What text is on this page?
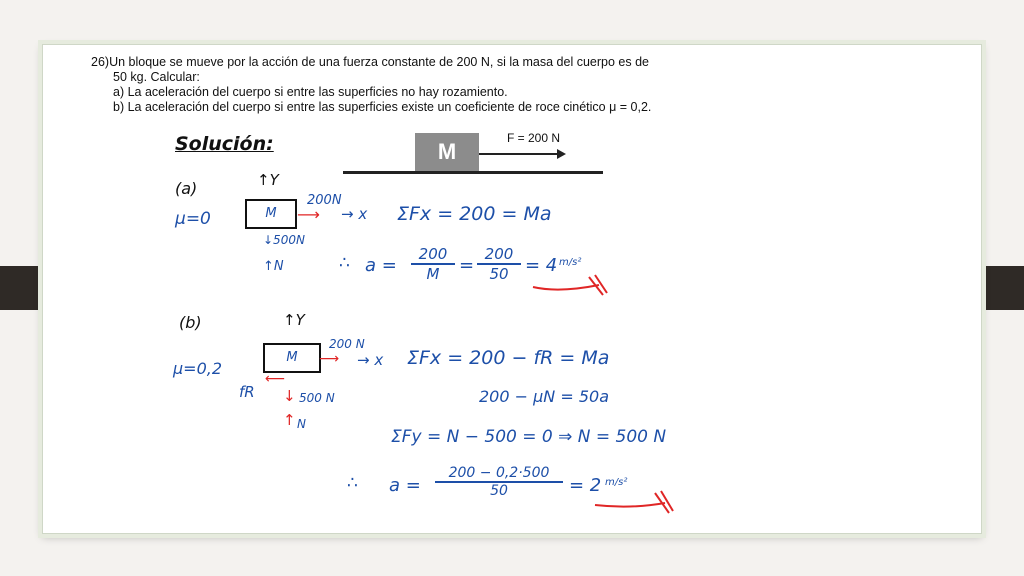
26)Un bloque se mueve por la acción de una fuerza constante de 200 N, si la masa del cuerpo es de
50 kg. Calcular:
a) La aceleración del cuerpo si entre las superficies no hay rozamiento.
b) La aceleración del cuerpo si entre las superficies existe un coeficiente de roce cinético μ = 0,2.
M
F = 200 N
Solución:
(a)	↑Y
μ=0	M	⟶
200N
→ x
↓500N
↑N
ΣFx = 200 = Ma
∴ $a = \frac{200}{M} = \frac{200}{50} = 4$ m/s²
(b)	↑Y
μ=0,2
M	⟶
200 N
→ x
⟵
fR ↓ 500 N
↑ N
ΣFx = 200 − fR = Ma
200 − μN = 50a
ΣFy = N − 500 = 0 ⇒ N = 500 N
∴ $a = \frac{200 - 0,2\cdot 500}{50} = 2$ m/s²
